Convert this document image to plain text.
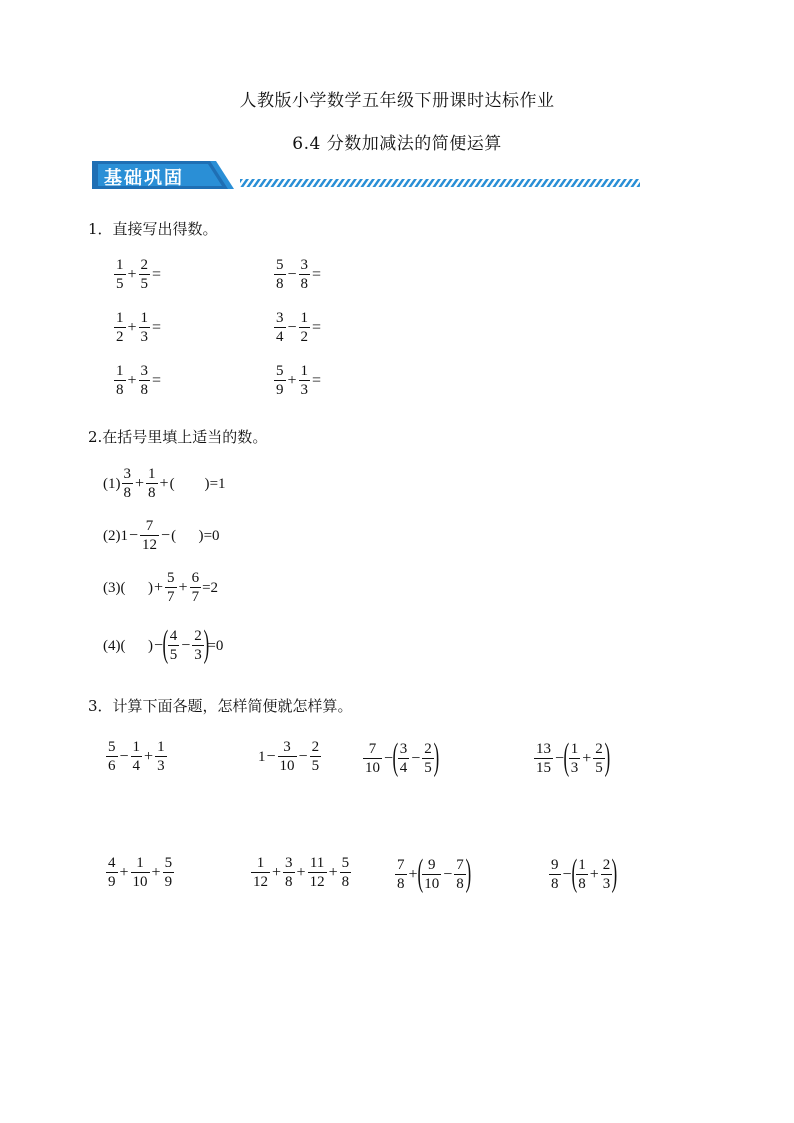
人教版小学数学五年级下册课时达标作业
6.4 分数加减法的简便运算
基础巩固
1．直接写出得数。
$\frac{1}{5} + \frac{2}{5}$ =	$\frac{5}{8} - \frac{3}{8}$ =
$\frac{1}{2} + \frac{1}{3}$ =	$\frac{3}{4} - \frac{1}{2}$ =
$\frac{1}{8} + \frac{3}{8}$ =	$\frac{5}{9} + \frac{1}{3}$ =
2.在括号里填上适当的数。
$(1) \frac{3}{8} + \frac{1}{8}$ + (        ) =1
(2) $1 - \frac{7}{12}$ − (      ) =0
(3) (      ) + $\frac{5}{7} + \frac{6}{7} =2$
(4) (      ) − ( $\frac{4}{5} - \frac{2}{3}$ )
=0
3．计算下面各题，怎样简便就怎样算。
$\frac{5}{6} - \frac{1}{4} + \frac{1}{3}$	$1 - \frac{3}{10} - \frac{2}{5}$	$\frac{7}{10}$ − ( $\frac{3}{4} - \frac{2}{5}$ )	$\frac{13}{15}$ − ( $\frac{1}{3} + \frac{2}{5}$ )
$\frac{4}{9} + \frac{1}{10} + \frac{5}{9}$	$\frac{1}{12} + \frac{3}{8} + \frac{11}{12} + \frac{5}{8}$	$\frac{7}{8}$ + ( $\frac{9}{10} - \frac{7}{8}$ )	$\frac{9}{8}$ − ( $\frac{1}{8} + \frac{2}{3}$ )
